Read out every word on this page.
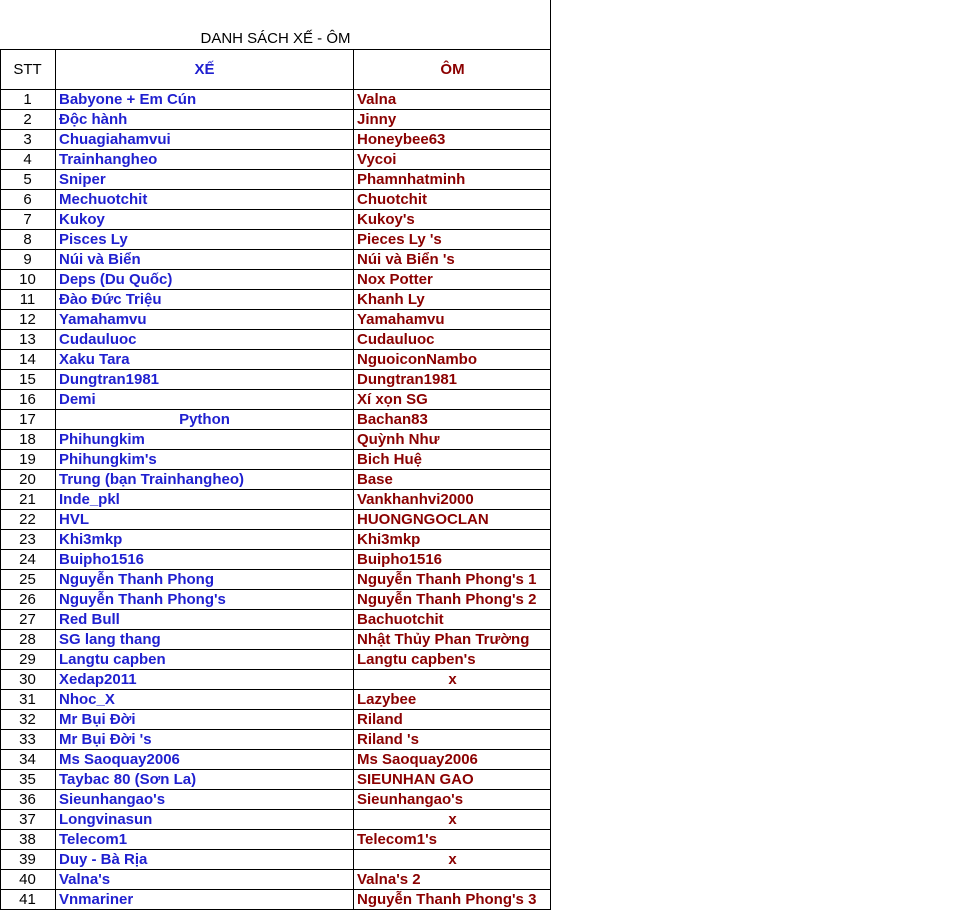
DANH SÁCH XẾ - ÔM
STT	XẾ	ÔM
1	Babyone + Em Cún	Valna
2	Độc hành	Jinny
3	Chuagiahamvui	Honeybee63
4	Trainhangheo	Vycoi
5	Sniper	Phamnhatminh
6	Mechuotchit	Chuotchit
7	Kukoy	Kukoy's
8	Pisces Ly	Pieces Ly 's
9	Núi và Biển	Núi và Biển 's
10	Deps (Du Quốc)	Nox Potter
11	Đào Đức Triệu	Khanh Ly
12	Yamahamvu	Yamahamvu
13	Cudauluoc	Cudauluoc
14	Xaku Tara	NguoiconNambo
15	Dungtran1981	Dungtran1981
16	Demi	Xí xọn SG
17	Python	Bachan83
18	Phihungkim	Quỳnh Như
19	Phihungkim's	Bich Huệ
20	Trung (bạn Trainhangheo)	Base
21	Inde_pkl	Vankhanhvi2000
22	HVL	HUONGNGOCLAN
23	Khi3mkp	Khi3mkp
24	Buipho1516	Buipho1516
25	Nguyễn Thanh Phong	Nguyễn Thanh Phong's 1
26	Nguyễn Thanh Phong's	Nguyễn Thanh Phong's 2
27	Red Bull	Bachuotchit
28	SG lang thang	Nhật Thủy Phan Trường
29	Langtu capben	Langtu capben's
30	Xedap2011	x
31	Nhoc_X	Lazybee
32	Mr Bụi Đời	Riland
33	Mr Bụi Đời 's	Riland 's
34	Ms Saoquay2006	Ms Saoquay2006
35	Taybac 80 (Sơn La)	SIEUNHAN GAO
36	Sieunhangao's	Sieunhangao's
37	Longvinasun	x
38	Telecom1	Telecom1's
39	Duy - Bà Rịa	x
40	Valna's	Valna's 2
41	Vnmariner	Nguyễn Thanh Phong's 3
